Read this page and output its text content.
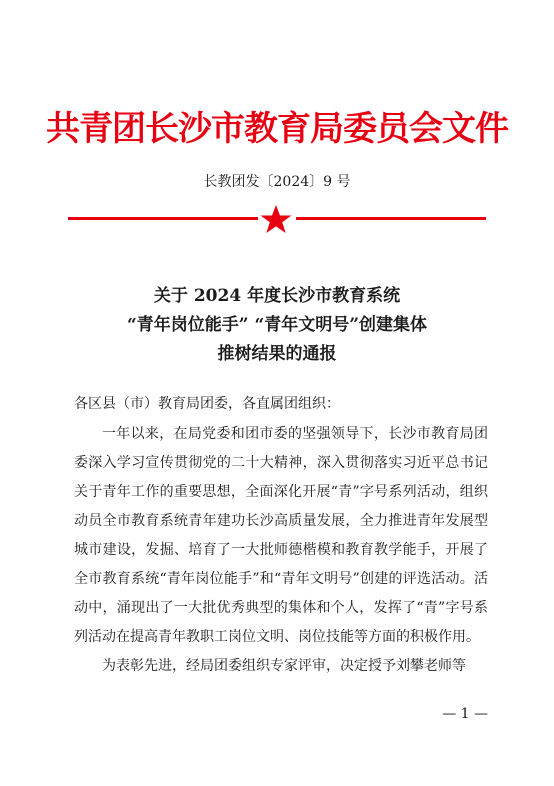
共青团长沙市教育局委员会文件
长教团发〔2024〕9 号
关于 2024 年度长沙市教育系统
“青年岗位能手” “青年文明号”创建集体
推树结果的通报
各区县（市）教育局团委，各直属团组织：
一年以来，在局党委和团市委的坚强领导下，长沙市教育局团委深入学习宣传贯彻党的二十大精神，深入贯彻落实习近平总书记关于青年工作的重要思想，全面深化开展“青”字号系列活动，组织动员全市教育系统青年建功长沙高质量发展，全力推进青年发展型城市建设，发掘、培育了一大批师德楷模和教育教学能手，开展了全市教育系统“青年岗位能手”和“青年文明号”创建的评选活动。活动中，涌现出了一大批优秀典型的集体和个人，发挥了“青”字号系列活动在提高青年教职工岗位文明、岗位技能等方面的积极作用。
为表彰先进，经局团委组织专家评审，决定授予刘攀老师等
— 1 —
